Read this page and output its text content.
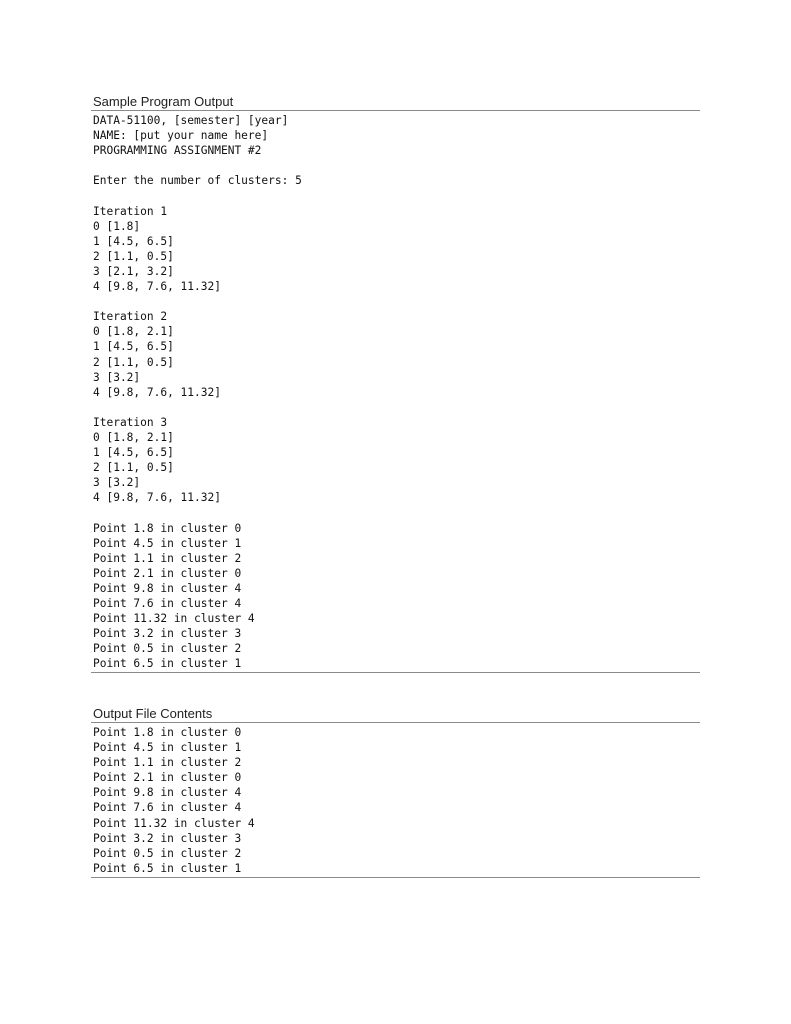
Sample Program Output
DATA-51100, [semester] [year]
NAME: [put your name here]
PROGRAMMING ASSIGNMENT #2
Enter the number of clusters: 5
Iteration 1
0 [1.8]
1 [4.5, 6.5]
2 [1.1, 0.5]
3 [2.1, 3.2]
4 [9.8, 7.6, 11.32]
Iteration 2
0 [1.8, 2.1]
1 [4.5, 6.5]
2 [1.1, 0.5]
3 [3.2]
4 [9.8, 7.6, 11.32]
Iteration 3
0 [1.8, 2.1]
1 [4.5, 6.5]
2 [1.1, 0.5]
3 [3.2]
4 [9.8, 7.6, 11.32]
Point 1.8 in cluster 0
Point 4.5 in cluster 1
Point 1.1 in cluster 2
Point 2.1 in cluster 0
Point 9.8 in cluster 4
Point 7.6 in cluster 4
Point 11.32 in cluster 4
Point 3.2 in cluster 3
Point 0.5 in cluster 2
Point 6.5 in cluster 1
Output File Contents
Point 1.8 in cluster 0
Point 4.5 in cluster 1
Point 1.1 in cluster 2
Point 2.1 in cluster 0
Point 9.8 in cluster 4
Point 7.6 in cluster 4
Point 11.32 in cluster 4
Point 3.2 in cluster 3
Point 0.5 in cluster 2
Point 6.5 in cluster 1
